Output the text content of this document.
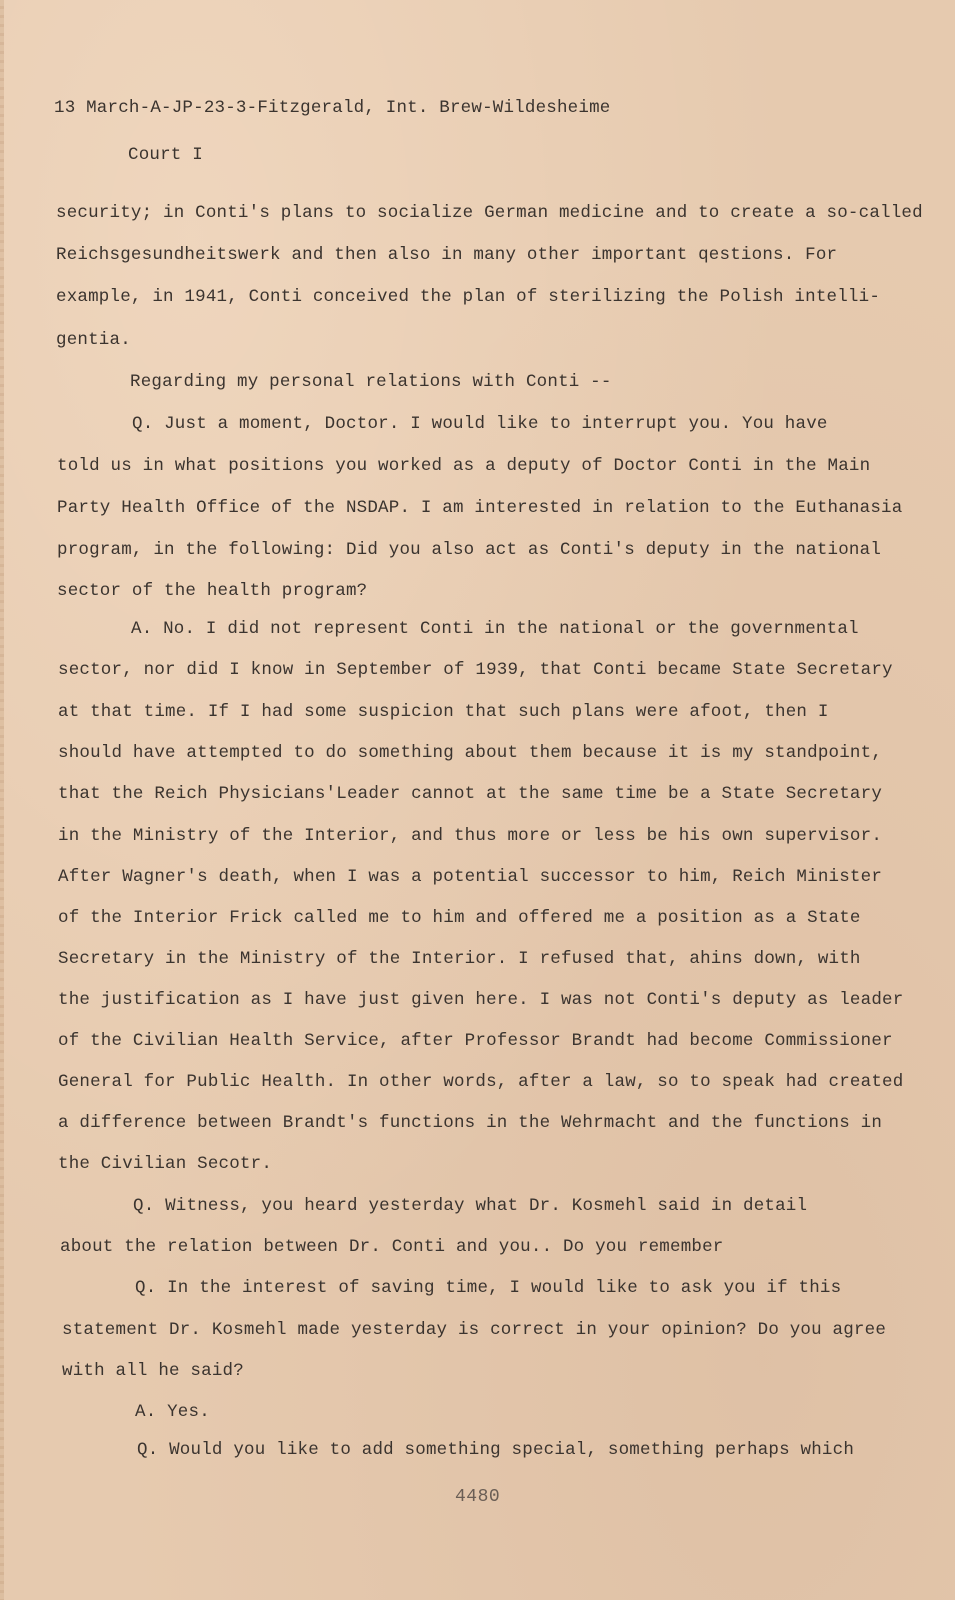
13 March-A-JP-23-3-Fitzgerald, Int. Brew-Wildesheime
Court I
security; in Conti's plans to socialize German medicine and to create a so-called
Reichsgesundheitswerk and then also in many other important qestions. For
example, in 1941, Conti conceived the plan of sterilizing the Polish intelli-
gentia.
Regarding my personal relations with Conti --
Q. Just a moment, Doctor. I would like to interrupt you. You have
told us in what positions you worked as a deputy of Doctor Conti in the Main
Party Health Office of the NSDAP. I am interested in relation to the Euthanasia
program, in the following: Did you also act as Conti's deputy in the national
sector of the health program?
A. No. I did not represent Conti in the national or the governmental
sector, nor did I know in September of 1939, that Conti became State Secretary
at that time. If I had some suspicion that such plans were afoot, then I
should have attempted to do something about them because it is my standpoint,
that the Reich Physicians'Leader cannot at the same time be a State Secretary
in the Ministry of the Interior, and thus more or less be his own supervisor.
After Wagner's death, when I was a potential successor to him, Reich Minister
of the Interior Frick called me to him and offered me a position as a State
Secretary in the Ministry of the Interior. I refused that, ahins down, with
the justification as I have just given here. I was not Conti's deputy as leader
of the Civilian Health Service, after Professor Brandt had become Commissioner
General for Public Health. In other words, after a law, so to speak had created
a difference between Brandt's functions in the Wehrmacht and the functions in
the Civilian Secotr.
Q. Witness, you heard yesterday what Dr. Kosmehl said in detail
about the relation between Dr. Conti and you.. Do you remember
Q. In the interest of saving time, I would like to ask you if this
statement Dr. Kosmehl made yesterday is correct in your opinion? Do you agree
with all he said?
A. Yes.
Q. Would you like to add something special, something perhaps which
4480
